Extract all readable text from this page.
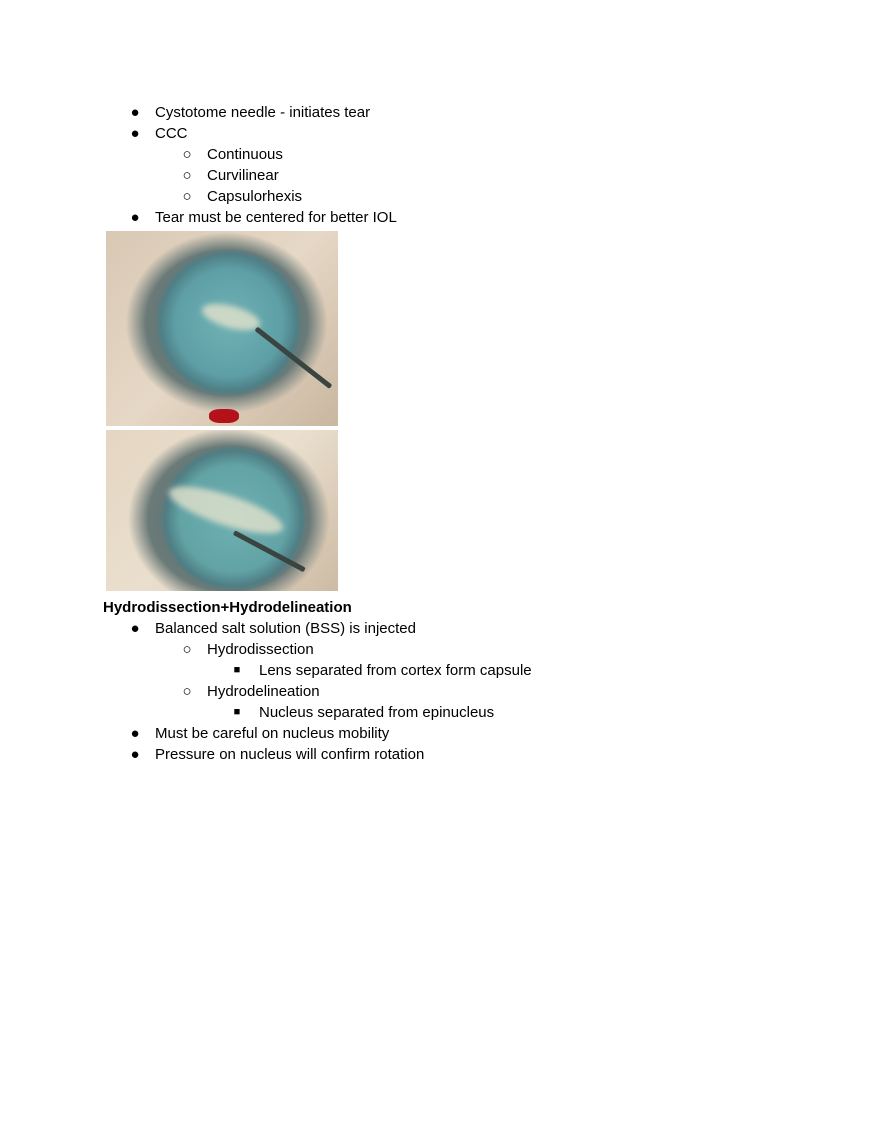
● Cystotome needle - initiates tear
● CCC
○ Continuous
○ Curvilinear
○ Capsulorhexis
● Tear must be centered for better IOL
Hydrodissection+Hydrodelineation
● Balanced salt solution (BSS) is injected
○ Hydrodissection
■ Lens separated from cortex form capsule
○ Hydrodelineation
■ Nucleus separated from epinucleus
● Must be careful on nucleus mobility
● Pressure on nucleus will confirm rotation
